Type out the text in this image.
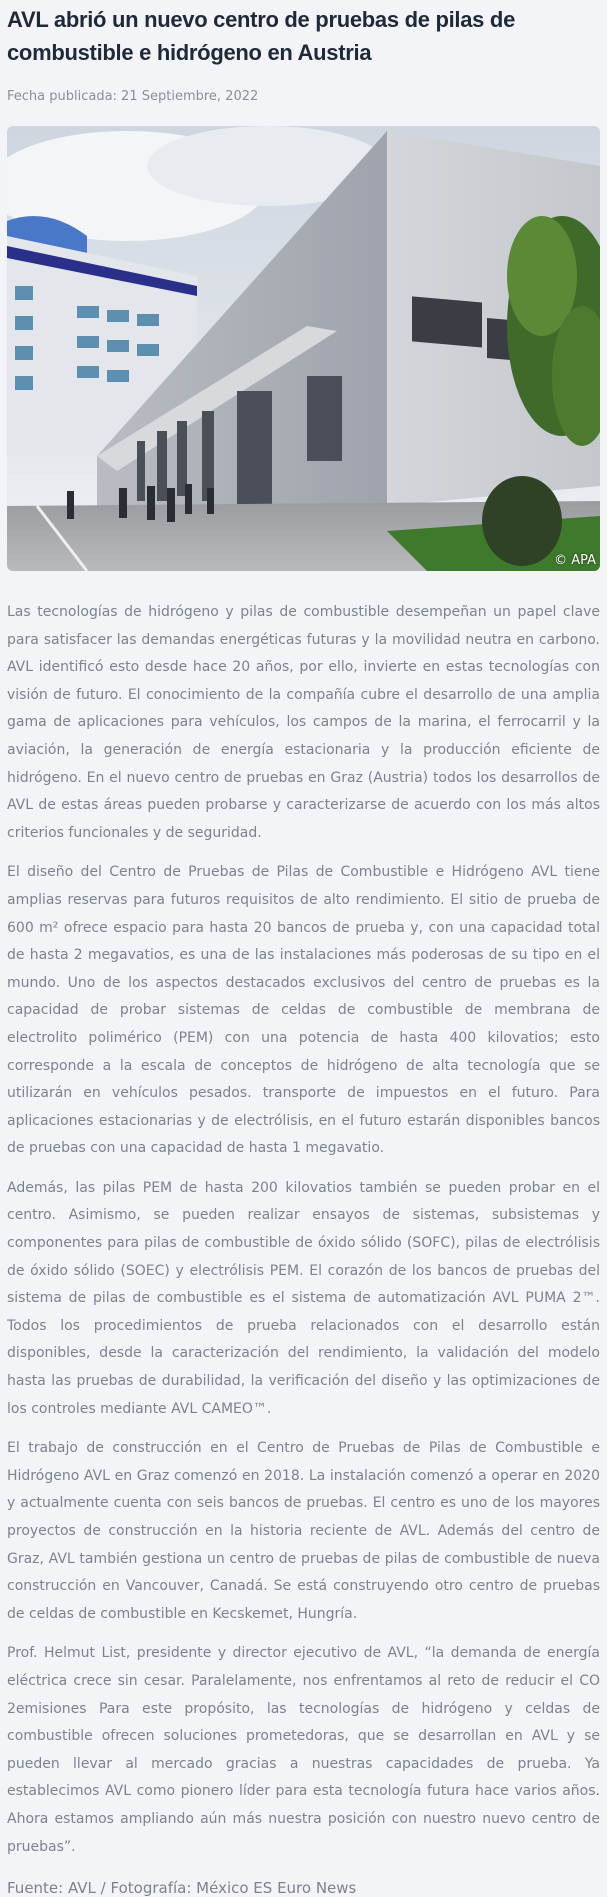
AVL abrió un nuevo centro de pruebas de pilas de combustible e hidrógeno en Austria
Fecha publicada: 21 Septiembre, 2022
© APA

Las tecnologías de hidrógeno y pilas de combustible desempeñan un papel clave para satisfacer las demandas energéticas futuras y la movilidad neutra en carbono. AVL identificó esto desde hace 20 años, por ello, invierte en estas tecnologías con visión de futuro. El conocimiento de la compañía cubre el desarrollo de una amplia gama de aplicaciones para vehículos, los campos de la marina, el ferrocarril y la aviación, la generación de energía estacionaria y la producción eficiente de hidrógeno. En el nuevo centro de pruebas en Graz (Austria) todos los desarrollos de AVL de estas áreas pueden probarse y caracterizarse de acuerdo con los más altos criterios funcionales y de seguridad.

El diseño del Centro de Pruebas de Pilas de Combustible e Hidrógeno AVL tiene amplias reservas para futuros requisitos de alto rendimiento. El sitio de prueba de 600 m² ofrece espacio para hasta 20 bancos de prueba y, con una capacidad total de hasta 2 megavatios, es una de las instalaciones más poderosas de su tipo en el mundo. Uno de los aspectos destacados exclusivos del centro de pruebas es la capacidad de probar sistemas de celdas de combustible de membrana de electrolito polimérico (PEM) con una potencia de hasta 400 kilovatios; esto corresponde a la escala de conceptos de hidrógeno de alta tecnología que se utilizarán en vehículos pesados. transporte de impuestos en el futuro. Para aplicaciones estacionarias y de electrólisis, en el futuro estarán disponibles bancos de pruebas con una capacidad de hasta 1 megavatio.

Además, las pilas PEM de hasta 200 kilovatios también se pueden probar en el centro. Asimismo, se pueden realizar ensayos de sistemas, subsistemas y componentes para pilas de combustible de óxido sólido (SOFC), pilas de electrólisis de óxido sólido (SOEC) y electrólisis PEM. El corazón de los bancos de pruebas del sistema de pilas de combustible es el sistema de automatización AVL PUMA 2™. Todos los procedimientos de prueba relacionados con el desarrollo están disponibles, desde la caracterización del rendimiento, la validación del modelo hasta las pruebas de durabilidad, la verificación del diseño y las optimizaciones de los controles mediante AVL CAMEO™.

El trabajo de construcción en el Centro de Pruebas de Pilas de Combustible e Hidrógeno AVL en Graz comenzó en 2018. La instalación comenzó a operar en 2020 y actualmente cuenta con seis bancos de pruebas. El centro es uno de los mayores proyectos de construcción en la historia reciente de AVL. Además del centro de Graz, AVL también gestiona un centro de pruebas de pilas de combustible de nueva construcción en Vancouver, Canadá. Se está construyendo otro centro de pruebas de celdas de combustible en Kecskemet, Hungría.

Prof. Helmut List, presidente y director ejecutivo de AVL, “la demanda de energía eléctrica crece sin cesar. Paralelamente, nos enfrentamos al reto de reducir el CO 2emisiones Para este propósito, las tecnologías de hidrógeno y celdas de combustible ofrecen soluciones prometedoras, que se desarrollan en AVL y se pueden llevar al mercado gracias a nuestras capacidades de prueba. Ya establecimos AVL como pionero líder para esta tecnología futura hace varios años. Ahora estamos ampliando aún más nuestra posición con nuestro nuevo centro de pruebas”.

Fuente: AVL / Fotografía: México ES Euro News
